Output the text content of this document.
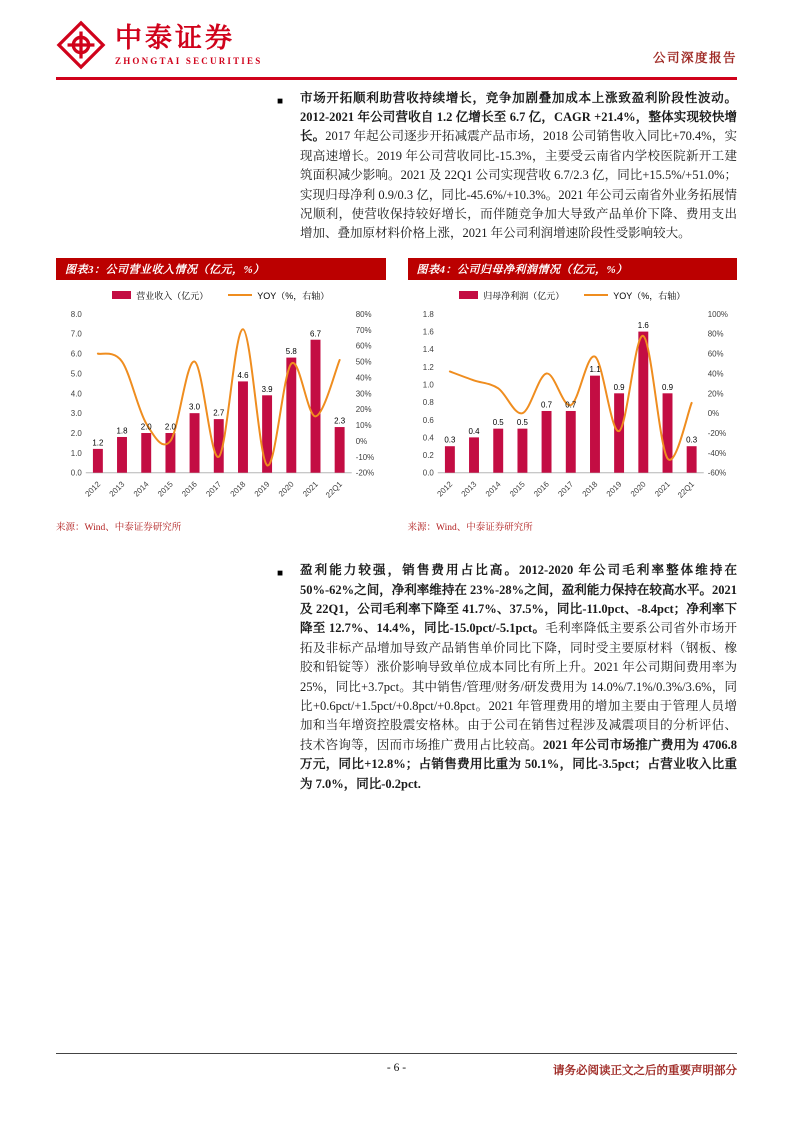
中泰证券
ZHONGTAI SECURITIES	公司深度报告
■ 市场开拓顺利助营收持续增长，竞争加剧叠加成本上涨致盈利阶段性波动。2012-2021 年公司营收自 1.2 亿增长至 6.7 亿，CAGR +21.4%，整体实现较快增长。2017 年起公司逐步开拓减震产品市场，2018 公司销售收入同比+70.4%，实现高速增长。2019 年公司营收同比-15.3%，主要受云南省内学校医院新开工建筑面积减少影响。2021 及 22Q1 公司实现营收 6.7/2.3 亿，同比+15.5%/+51.0%；实现归母净利 0.9/0.3 亿，同比-45.6%/+10.3%。2021 年公司云南省外业务拓展情况顺利，使营收保持较好增长，而伴随竞争加大导致产品单价下降、费用支出增加、叠加原材料价格上涨，2021 年公司利润增速阶段性受影响较大。
图表3：公司营业收入情况（亿元，%）
营业收入（亿元）	YOY（%，右轴）
0.0
1.0
2.0
3.0
4.0
5.0
6.0
7.0
8.0
-20%
-10%
0%
10%
20%
30%
40%
50%
60%
70%
80%
1.2
1.8 2.0 2.0
3.0
2.7
4.6
3.9
5.8
6.7
2.3
2012 2013 2014 2015 2016 2017 2018 2019 2020 2021 22Q1
来源：Wind、中泰证券研究所
图表4：公司归母净利润情况（亿元，%）
归母净利润（亿元）	YOY（%，右轴）
0.0
0.2
0.4
0.6
0.8
1.0
1.2
1.4
1.6
1.8
-60%
-40%
-20%
0%
20%
40%
60%
80%
100%
0.3
0.4
0.5 0.5
0.7 0.7
1.1
0.9
1.6
0.9
0.3
2012 2013 2014 2015 2016 2017 2018 2019 2020 2021 22Q1
来源：Wind、中泰证券研究所
■ 盈利能力较强，销售费用占比高。2012-2020 年公司毛利率整体维持在 50%-62%之间，净利率维持在 23%-28%之间，盈利能力保持在较高水平。2021 及 22Q1，公司毛利率下降至 41.7%、37.5%，同比-11.0pct、-8.4pct；净利率下降至 12.7%、14.4%，同比-15.0pct/-5.1pct。毛利率降低主要系公司省外市场开拓及非标产品增加导致产品销售单价同比下降，同时受主要原材料（钢板、橡胶和铅锭等）涨价影响导致单位成本同比有所上升。2021 年公司期间费用率为 25%，同比+3.7pct。其中销售/管理/财务/研发费用为 14.0%/7.1%/0.3%/3.6%，同比+0.6pct/+1.5pct/+0.8pct/+0.8pct。2021 年管理费用的增加主要由于管理人员增加和当年增资控股震安格林。由于公司在销售过程涉及减震项目的分析评估、技术咨询等，因而市场推广费用占比较高。2021 年公司市场推广费用为 4706.8 万元，同比+12.8%；占销售费用比重为 50.1%，同比-3.5pct；占营业收入比重为 7.0%，同比-0.2pct.
- 6 -	请务必阅读正文之后的重要声明部分
